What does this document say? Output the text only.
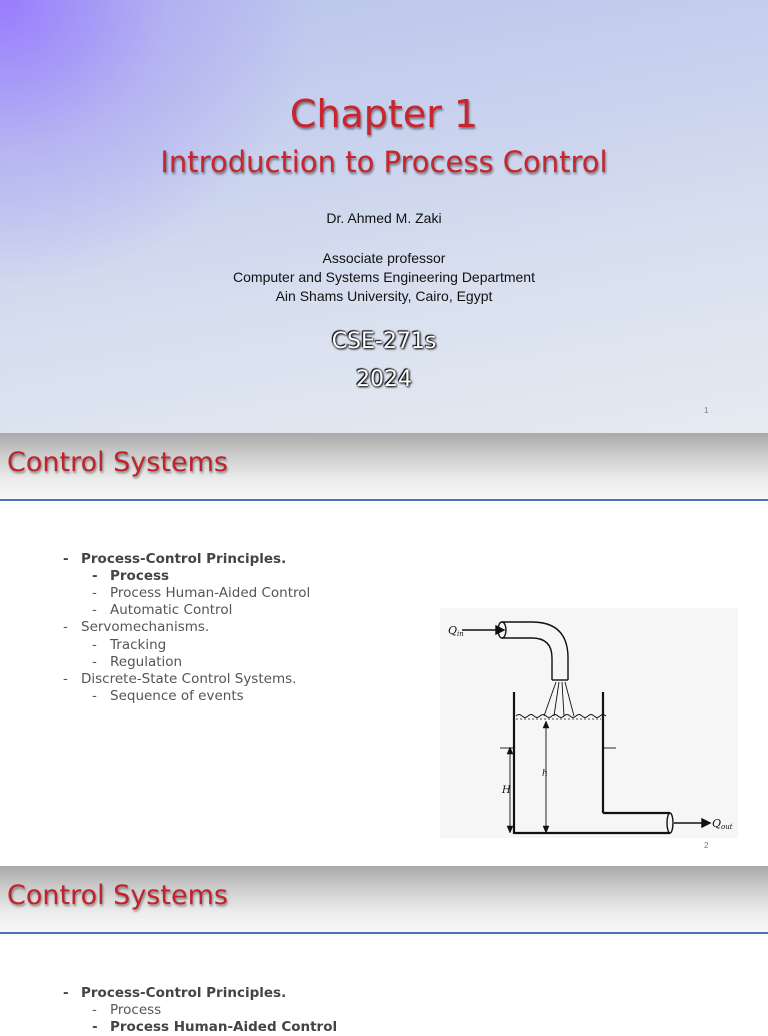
Chapter 1
Introduction to Process Control
Dr. Ahmed M. Zaki
Associate professor
Computer and Systems Engineering Department
Ain Shams University, Cairo, Egypt
CSE-271s
2024
1
Control Systems
- Process-Control Principles.
- Process
- Process Human-Aided Control
- Automatic Control
- Servomechanisms.
- Tracking
- Regulation
- Discrete-State Control Systems.
- Sequence of events
Qin
Qout
H
h
2
Control Systems
- Process-Control Principles.
- Process
- Process Human-Aided Control
